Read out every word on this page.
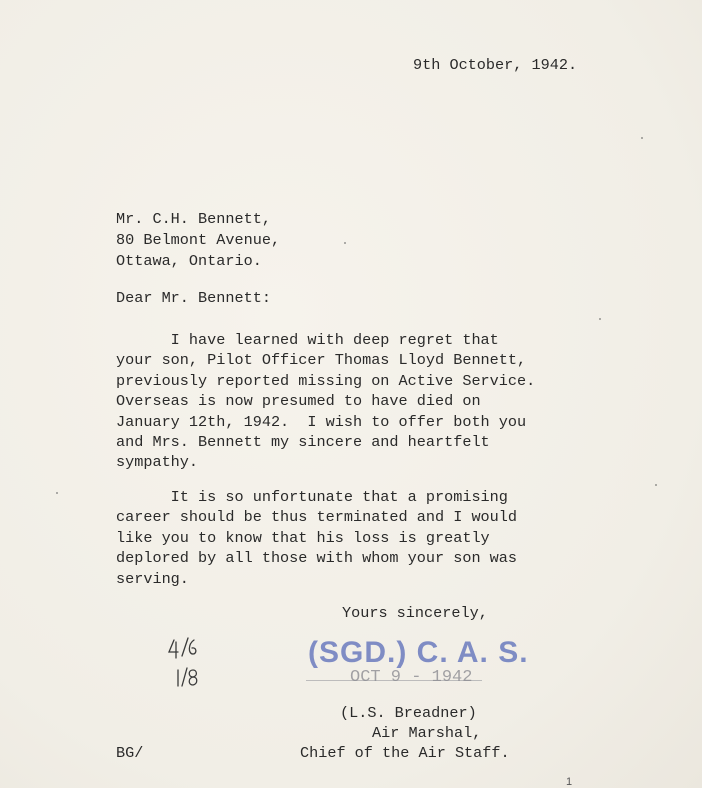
9th October, 1942.
Mr. C.H. Bennett,
80 Belmont Avenue,
Ottawa, Ontario.
Dear Mr. Bennett:
I have learned with deep regret that
your son, Pilot Officer Thomas Lloyd Bennett,
previously reported missing on Active Service.
Overseas is now presumed to have died on
January 12th, 1942.  I wish to offer both you
and Mrs. Bennett my sincere and heartfelt
sympathy.
It is so unfortunate that a promising
career should be thus terminated and I would
like you to know that his loss is greatly
deplored by all those with whom your son was
serving.
Yours sincerely,
(SGD.) C. A. S.
OCT 9 - 1942
(L.S. Breadner)
Air Marshal,
Chief of the Air Staff.
BG/
1
